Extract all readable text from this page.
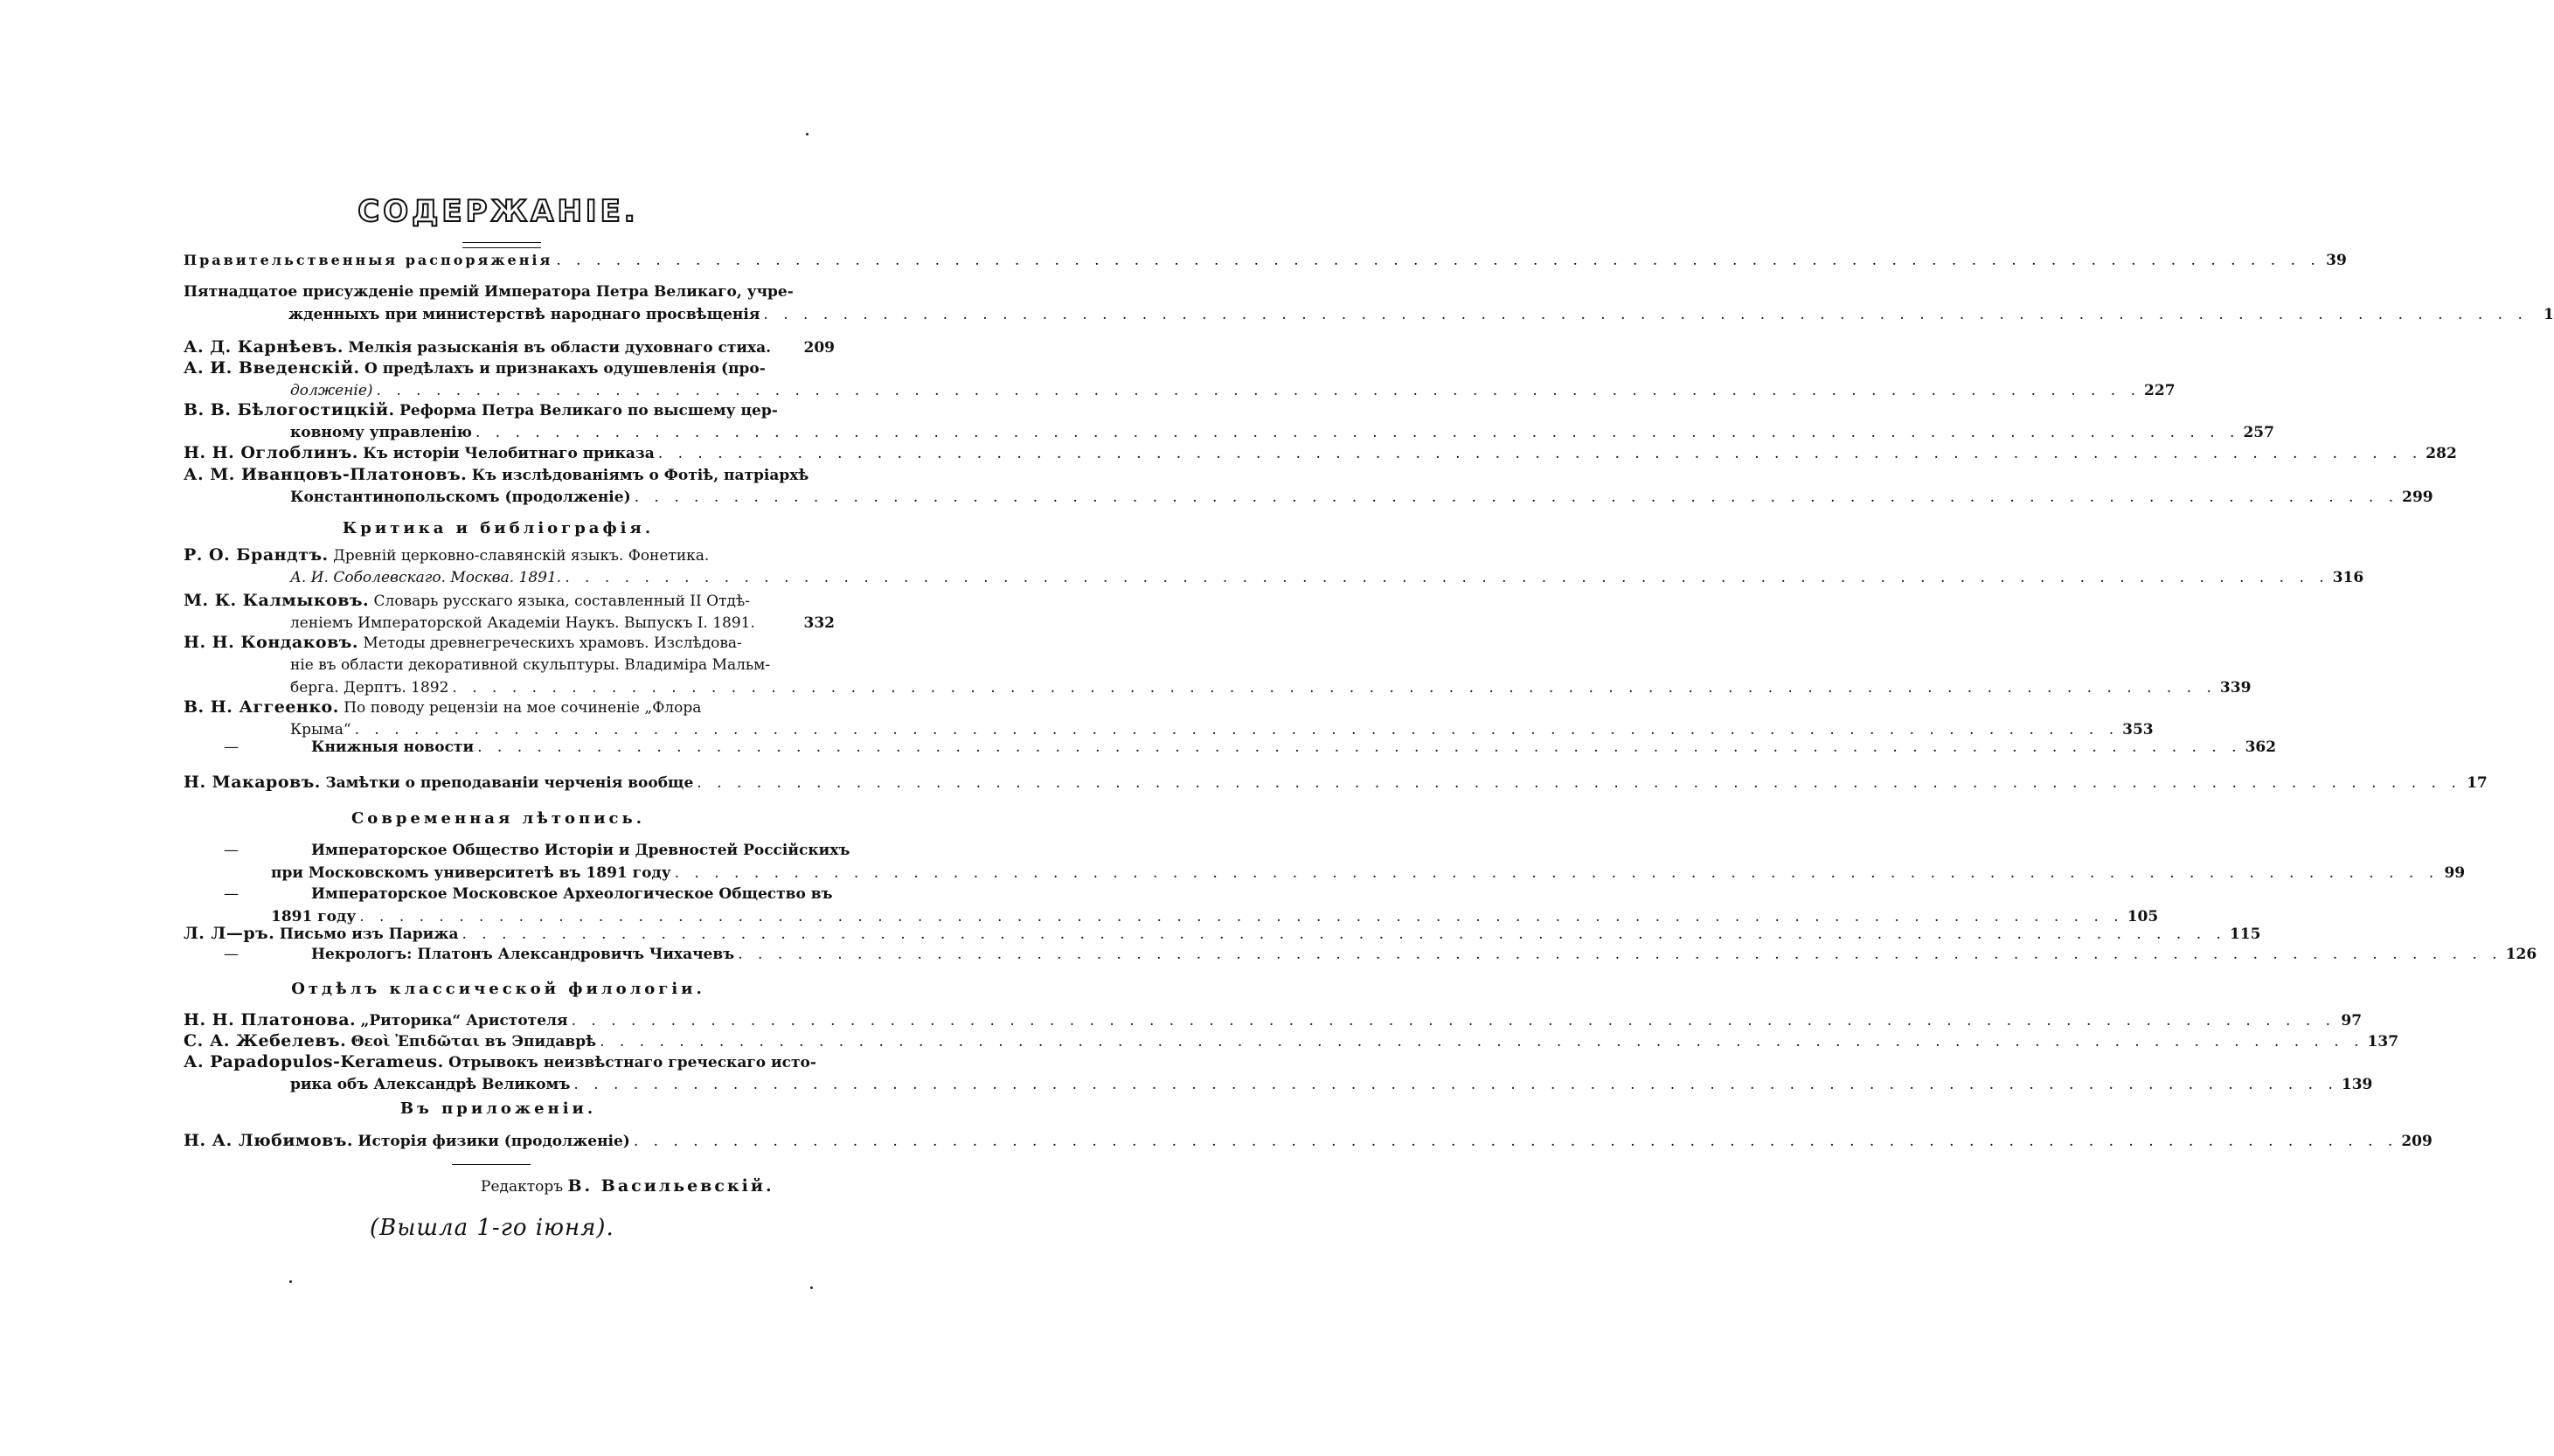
СОДЕРЖАНІЕ.
Правительственныя распоряженія . . .	39
Пятнадцатое присужденіе премій Императора Петра Великаго, учре-
жденныхъ при министерствѣ народнаго просвѣщенія . . .	1
А. Д. Карнѣевъ. Мелкія разысканія въ области духовнаго стиха. 209
А. И. Введенскій. О предѣлахъ и признакахъ одушевленія (про-
долженіе) . . .	227
В. В. Бѣлогостицкій. Реформа Петра Великаго по высшему цер-
ковному управленію . . .	257
Н. Н. Оглоблинъ. Къ исторіи Челобитнаго приказа . . .	282
А. М. Иванцовъ-Платоновъ. Къ изслѣдованіямъ о Фотіѣ, патріархѣ
Константинопольскомъ (продолженіе) . . .	299
Критика и библіографія.
Р. О. Брандтъ. Древній церковно-славянскій языкъ. Фонетика.
А. И. Соболевскаго. Москва. 1891. . . .	316
М. К. Калмыковъ. Словарь русскаго языка, составленный II Отдѣ-
леніемъ Императорской Академіи Наукъ. Выпускъ I. 1891.	332
Н. Н. Кондаковъ. Методы древнегреческихъ храмовъ. Изслѣдова-
ніе въ области декоративной скульптуры. Владиміра Мальм-
берга. Дерптъ. 1892 . . .	339
В. Н. Аггеенко. По поводу рецензіи на мое сочиненіе „Флора
Крыма“ . . .	353
—	Книжныя новости . . .	362
Н. Макаровъ. Замѣтки о преподаваніи черченія вообще . . .	17
Современная лѣтопись.
—	Императорское Общество Исторіи и Древностей Россійскихъ
при Московскомъ университетѣ въ 1891 году . . .	99
—	Императорское Московское Археологическое Общество въ
1891 году . . .	105
Л. Л—ръ. Письмо изъ Парижа . . .	115
—	Некрологъ: Платонъ Александровичъ Чихачевъ . . .	126
Отдѣлъ классической филологіи.
Н. Н. Платонова. „Риторика“ Аристотеля . . .	97
С. А. Жебелевъ. Θεοὶ Ἐπιδῶται въ Эпидаврѣ . . .	137
А. Papadopulos-Kerameus. Отрывокъ неизвѣстнаго греческаго исто-
рика объ Александрѣ Великомъ . . .	139
Въ приложеніи.
Н. А. Любимовъ. Исторія физики (продолженіе) . . .	209
Редакторъ В. Васильевскій.
(Вышла 1-го іюня).
